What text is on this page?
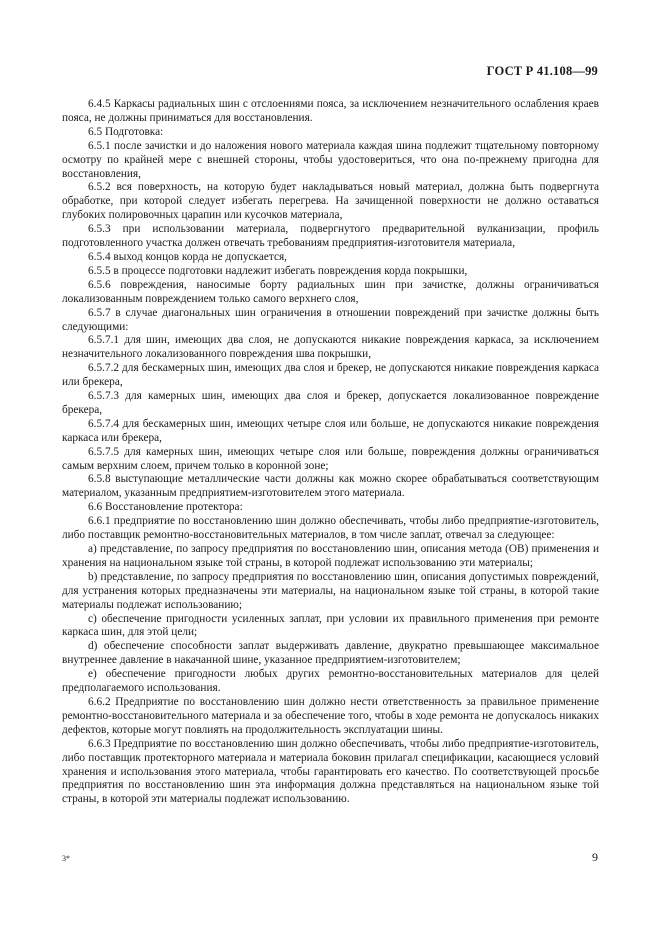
ГОСТ Р 41.108—99

6.4.5 Каркасы радиальных шин с отслоениями пояса, за исключением незначительного ослабления краев пояса, не должны приниматься для восстановления.

6.5 Подготовка:

6.5.1 после зачистки и до наложения нового материала каждая шина подлежит тщательному повторному осмотру по крайней мере с внешней стороны, чтобы удостовериться, что она по-прежнему пригодна для восстановления,

6.5.2 вся поверхность, на которую будет накладываться новый материал, должна быть подвергнута обработке, при которой следует избегать перегрева. На зачищенной поверхности не должно оставаться глубоких полировочных царапин или кусочков материала,

6.5.3 при использовании материала, подвергнутого предварительной вулканизации, профиль подготовленного участка должен отвечать требованиям предприятия-изготовителя материала,

6.5.4 выход концов корда не допускается,

6.5.5 в процессе подготовки надлежит избегать повреждения корда покрышки,

6.5.6 повреждения, наносимые борту радиальных шин при зачистке, должны ограничиваться локализованным повреждением только самого верхнего слоя,

6.5.7 в случае диагональных шин ограничения в отношении повреждений при зачистке должны быть следующими:

6.5.7.1 для шин, имеющих два слоя, не допускаются никакие повреждения каркаса, за исключением незначительного локализованного повреждения шва покрышки,

6.5.7.2 для бескамерных шин, имеющих два слоя и брекер, не допускаются никакие повреждения каркаса или брекера,

6.5.7.3 для камерных шин, имеющих два слоя и брекер, допускается локализованное повреждение брекера,

6.5.7.4 для бескамерных шин, имеющих четыре слоя или больше, не допускаются никакие повреждения каркаса или брекера,

6.5.7.5 для камерных шин, имеющих четыре слоя или больше, повреждения должны ограничиваться самым верхним слоем, причем только в коронной зоне;

6.5.8 выступающие металлические части должны как можно скорее обрабатываться соответствующим материалом, указанным предприятием-изготовителем этого материала.

6.6 Восстановление протектора:

6.6.1 предприятие по восстановлению шин должно обеспечивать, чтобы либо предприятие-изготовитель, либо поставщик ремонтно-восстановительных материалов, в том числе заплат, отвечал за следующее:

a) представление, по запросу предприятия по восстановлению шин, описания метода (ОВ) применения и хранения на национальном языке той страны, в которой подлежат использованию эти материалы;

b) представление, по запросу предприятия по восстановлению шин, описания допустимых повреждений, для устранения которых предназначены эти материалы, на национальном языке той страны, в которой такие материалы подлежат использованию;

c) обеспечение пригодности усиленных заплат, при условии их правильного применения при ремонте каркаса шин, для этой цели;

d) обеспечение способности заплат выдерживать давление, двукратно превышающее максимальное внутреннее давление в накачанной шине, указанное предприятием-изготовителем;

e) обеспечение пригодности любых других ремонтно-восстановительных материалов для целей предполагаемого использования.

6.6.2 Предприятие по восстановлению шин должно нести ответственность за правильное применение ремонтно-восстановительного материала и за обеспечение того, чтобы в ходе ремонта не допускалось никаких дефектов, которые могут повлиять на продолжительность эксплуатации шины.

6.6.3 Предприятие по восстановлению шин должно обеспечивать, чтобы либо предприятие-изготовитель, либо поставщик протекторного материала и материала боковин прилагал спецификации, касающиеся условий хранения и использования этого материала, чтобы гарантировать его качество. По соответствующей просьбе предприятия по восстановлению шин эта информация должна представляться на национальном языке той страны, в которой эти материалы подлежат использованию.

3*	9
